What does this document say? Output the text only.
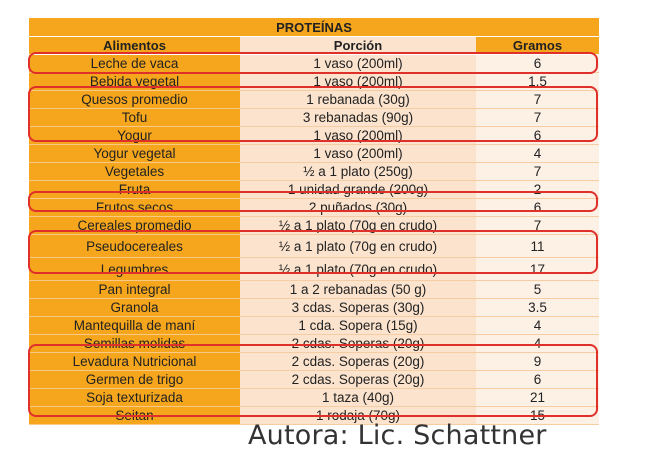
PROTEÍNAS		
Alimentos	Porción	Gramos
Leche de vaca	1 vaso (200ml)	6
Bebida vegetal	1 vaso (200ml)	1,5
Quesos promedio	1 rebanada (30g)	7
Tofu	3 rebanadas (90g)	7
Yogur	1 vaso (200ml)	6
Yogur vegetal	1 vaso (200ml)	4
Vegetales	½ a 1 plato (250g)	7
Fruta	1 unidad grande (200g)	2
Frutos secos	2 puñados (30g)	6
Cereales promedio	½ a 1 plato (70g en crudo)	7
Pseudocereales	½ a 1 plato (70g en crudo)	11
Legumbres	½ a 1 plato (70g en crudo)	17
Pan integral	1 a 2 rebanadas (50 g)	5
Granola	3 cdas. Soperas (30g)	3.5
Mantequilla de maní	1 cda. Sopera (15g)	4
Semillas molidas	2 cdas. Soperas (20g)	4
Levadura Nutricional	2 cdas. Soperas (20g)	9
Germen de trigo	2 cdas. Soperas (20g)	6
Soja texturizada	1 taza (40g)	21
Seitan	1 rodaja (70g)	15
Autora: Lic. Schattner
